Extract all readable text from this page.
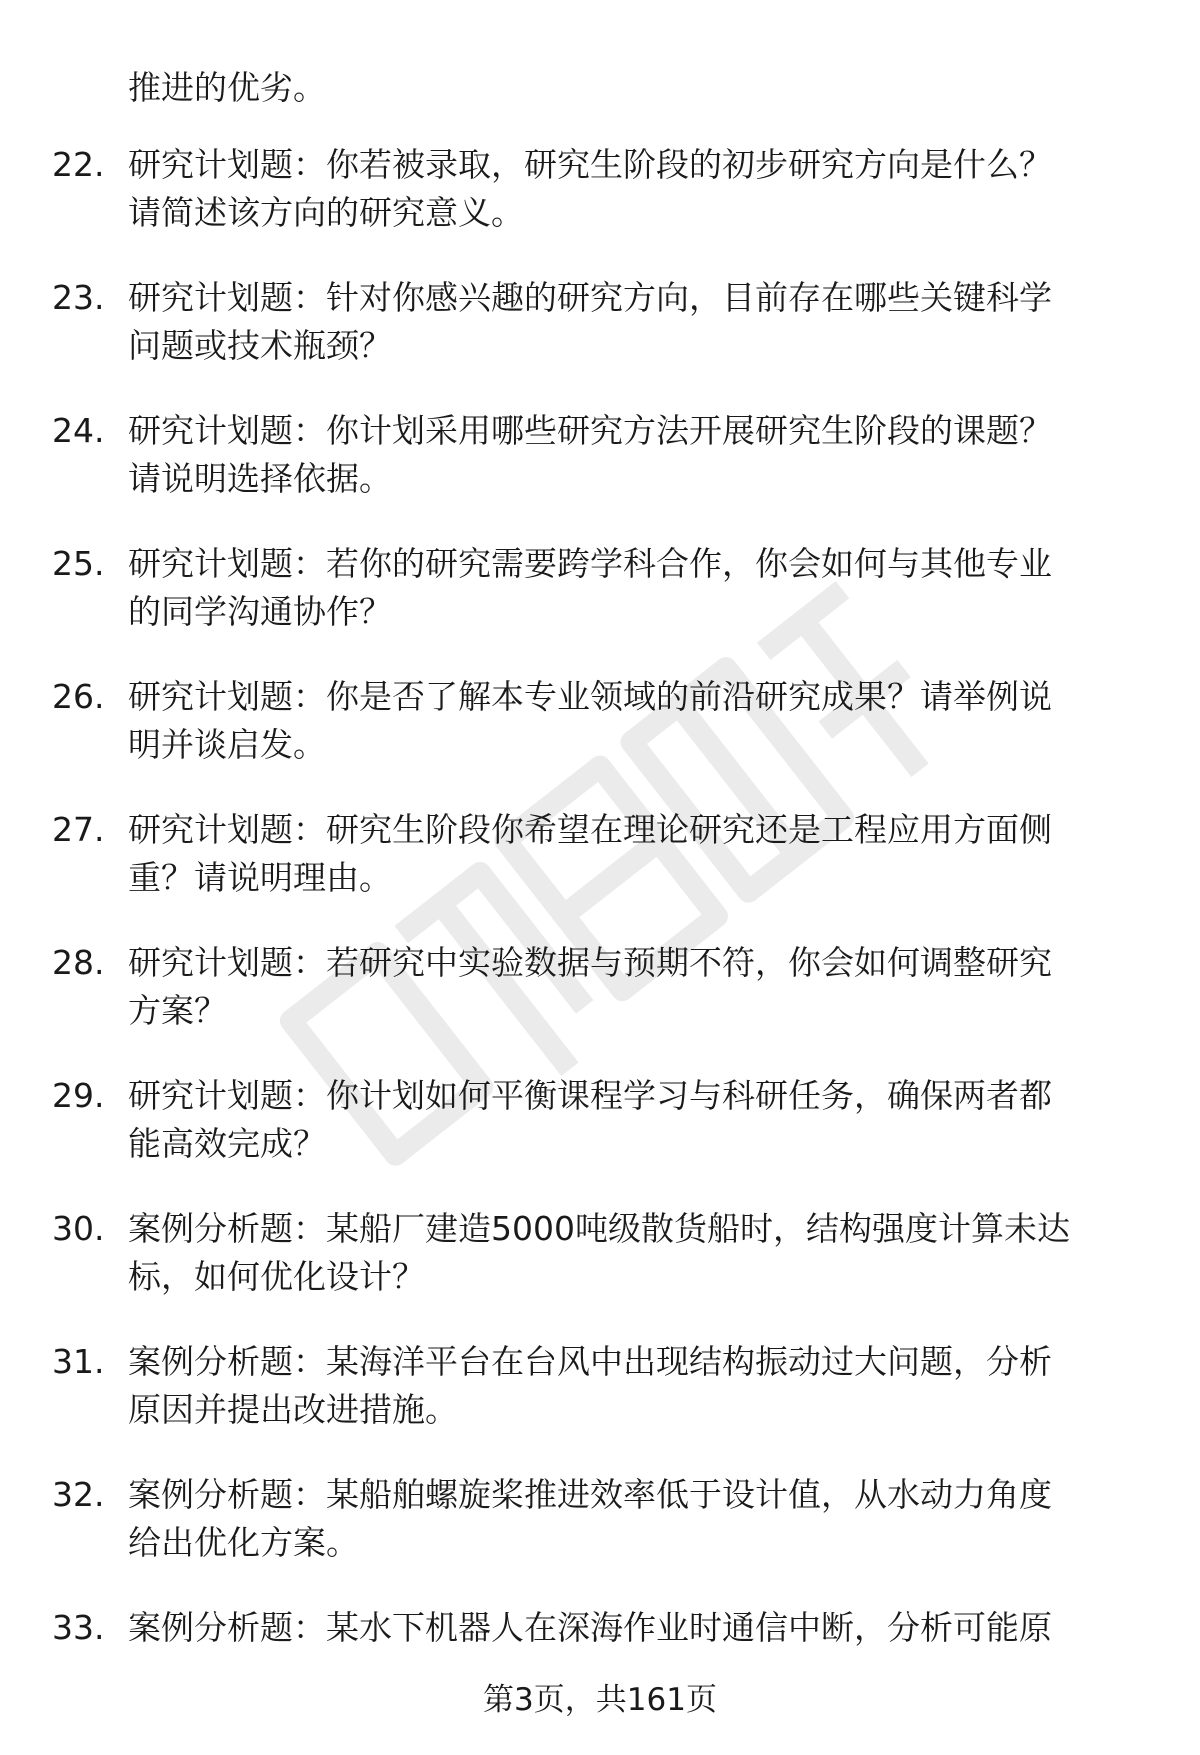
推进的优劣。
22. 研究计划题 ： 你若被录取，研究生阶段的初步研究方向是什么？
请简述该方向的研究意义。
23. 研究计划题 ： 针对你感兴趣的研究方向，目前存在哪些关键科学
问题或技术瓶颈？
24. 研究计划题 ： 你计划采用哪些研究方法开展研究生阶段的课题？
请说明选择依据。
25. 研究计划题 ： 若你的研究需要跨学科合作，你会如何与其他专业
的同学沟通协作？
26. 研究计划题 ： 你是否了解本专业领域的前沿研究成果？请举例说
明并谈启发。
27. 研究计划题 ： 研究生阶段你希望在理论研究还是工程应用方面侧
重？请说明理由。
28. 研究计划题 ： 若研究中实验数据与预期不符，你会如何调整研究
方案？
29. 研究计划题 ： 你计划如何平衡课程学习与科研任务，确保两者都
能高效完成？
30. 案例分析题 ： 某船厂建造5000吨级散货船时，结构强度计算未达
标，如何优化设计？
31. 案例分析题 ： 某海洋平台在台风中出现结构振动过大问题，分析
原因并提出改进措施。
32. 案例分析题 ： 某船舶螺旋桨推进效率低于设计值，从水动力角度
给出优化方案。
33. 案例分析题 ： 某水下机器人在深海作业时通信中断，分析可能原
第3页，共161页
